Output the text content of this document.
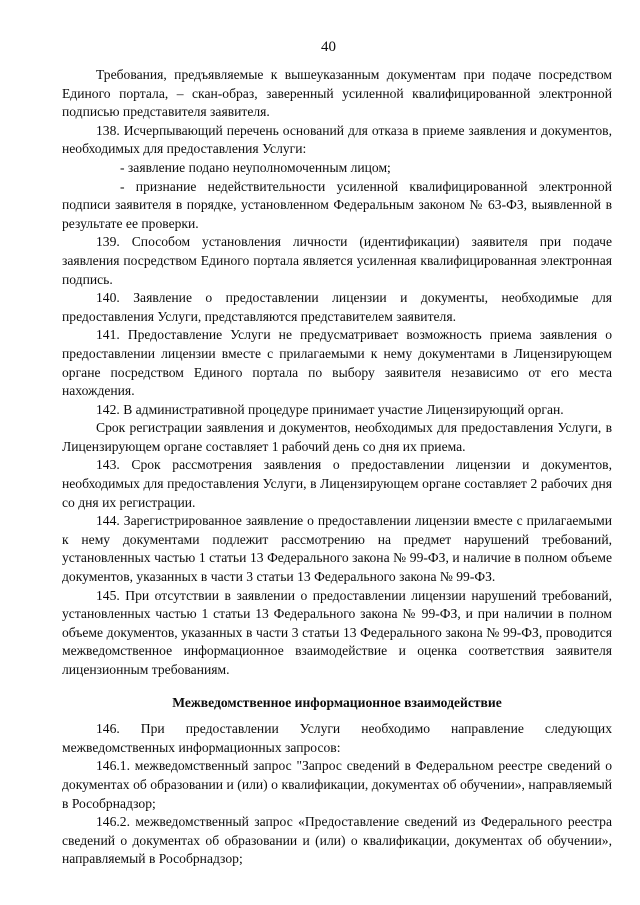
40

Требования, предъявляемые к вышеуказанным документам при подаче посредством Единого портала, – скан-образ, заверенный усиленной квалифицированной электронной подписью представителя заявителя.

138. Исчерпывающий перечень оснований для отказа в приеме заявления и документов, необходимых для предоставления Услуги:

- заявление подано неуполномоченным лицом;

- признание недействительности усиленной квалифицированной электронной подписи заявителя в порядке, установленном Федеральным законом № 63-ФЗ, выявленной в результате ее проверки.

139. Способом установления личности (идентификации) заявителя при подаче заявления посредством Единого портала является усиленная квалифицированная электронная подпись.

140. Заявление о предоставлении лицензии и документы, необходимые для предоставления Услуги, представляются представителем заявителя.

141. Предоставление Услуги не предусматривает возможность приема заявления о предоставлении лицензии вместе с прилагаемыми к нему документами в Лицензирующем органе посредством Единого портала по выбору заявителя независимо от его места нахождения.

142. В административной процедуре принимает участие Лицензирующий орган.

Срок регистрации заявления и документов, необходимых для предоставления Услуги, в Лицензирующем органе составляет 1 рабочий день со дня их приема.

143. Срок рассмотрения заявления о предоставлении лицензии и документов, необходимых для предоставления Услуги, в Лицензирующем органе составляет 2 рабочих дня со дня их регистрации.

144. Зарегистрированное заявление о предоставлении лицензии вместе с прилагаемыми к нему документами подлежит рассмотрению на предмет нарушений требований, установленных частью 1 статьи 13 Федерального закона № 99-ФЗ, и наличие в полном объеме документов, указанных в части 3 статьи 13 Федерального закона № 99-ФЗ.

145. При отсутствии в заявлении о предоставлении лицензии нарушений требований, установленных частью 1 статьи 13 Федерального закона № 99-ФЗ, и при наличии в полном объеме документов, указанных в части 3 статьи 13 Федерального закона № 99-ФЗ, проводится межведомственное информационное взаимодействие и оценка соответствия заявителя лицензионным требованиям.

Межведомственное информационное взаимодействие

146. При предоставлении Услуги необходимо направление следующих межведомственных информационных запросов:

146.1. межведомственный запрос "Запрос сведений в Федеральном реестре сведений о документах об образовании и (или) о квалификации, документах об обучении», направляемый в Рособрнадзор;

146.2. межведомственный запрос «Предоставление сведений из Федерального реестра сведений о документах об образовании и (или) о квалификации, документах об обучении», направляемый в Рособрнадзор;
